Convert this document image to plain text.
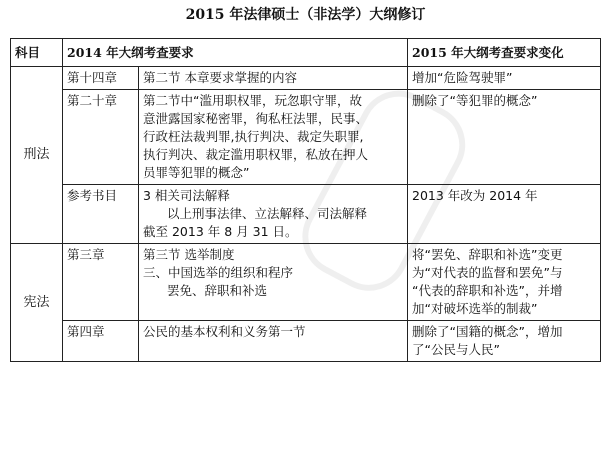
2015 年法律硕士（非法学）大纲修订
科目	2014 年大纲考查要求		2015 年大纲考查要求变化
刑法	第十四章	第二节 本章要求掌握的内容	增加“危险驾驶罪”

	第二十章	第二节中“滥用职权罪，玩忽职守罪，故
意泄露国家秘密罪，徇私枉法罪，民事、
行政枉法裁判罪,执行判决、裁定失职罪,
执行判决、裁定滥用职权罪，私放在押人
员罪等犯罪的概念”	删除了“等犯罪的概念”

	参考书目	3 相关司法解释
以上刑事法律、立法解释、司法解释
截至 2013 年 8 月 31 日。	2013 年改为 2014 年

宪法	第三章	第三节 选举制度
三、中国选举的组织和程序
罢免、辞职和补选	将“罢免、辞职和补选”变更
为“对代表的监督和罢免”与
“代表的辞职和补选”，并增
加“对破坏选举的制裁”

	第四章	公民的基本权利和义务第一节	删除了“国籍的概念”，增加
了“公民与人民”
